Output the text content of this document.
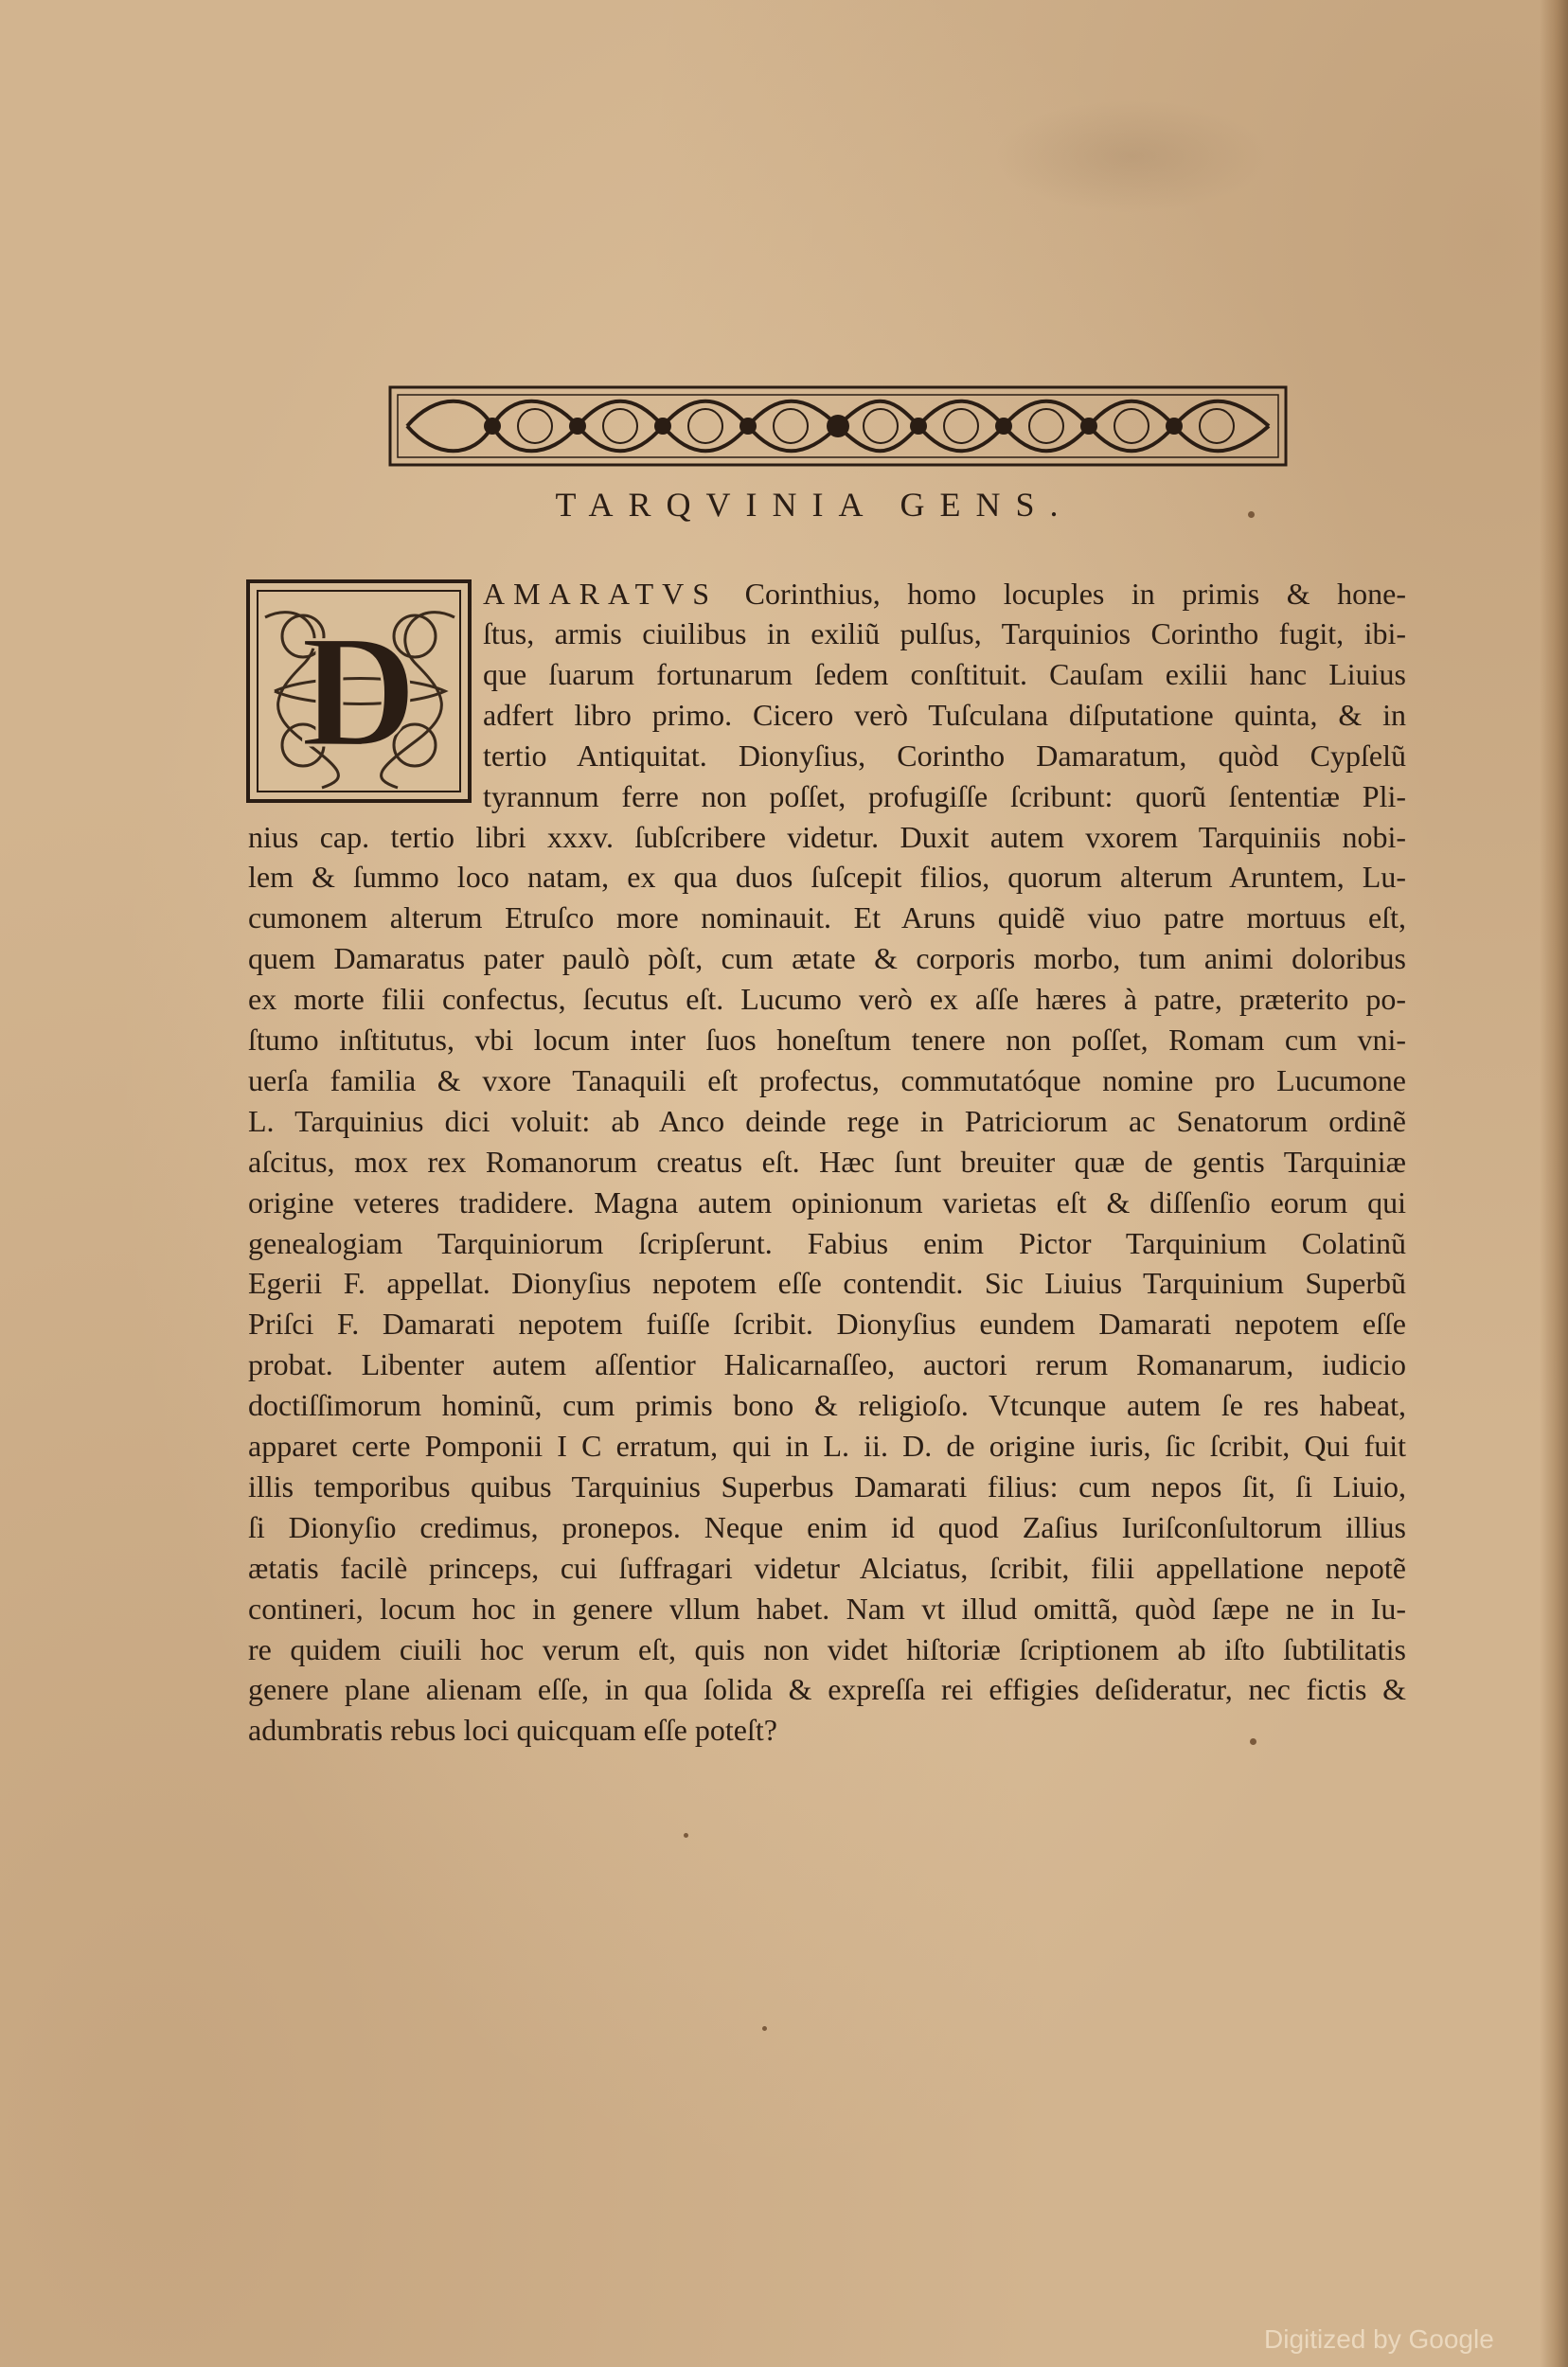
TARQVINIA GENS.
D
AMARATVS Corinthius, homo locuples in primis & hone-
ſtus, armis ciuilibus in exiliũ pulſus, Tarquinios Corintho fugit, ibi-
que ſuarum fortunarum ſedem conſtituit. Cauſam exilii hanc Liuius
adfert libro primo. Cicero verò Tuſculana diſputatione quinta, & in
tertio Antiquitat. Dionyſius, Corintho Damaratum, quòd Cypſelũ
tyrannum ferre non poſſet, profugiſſe ſcribunt: quorũ ſententiæ Pli-
nius cap. tertio libri xxxv. ſubſcribere videtur. Duxit autem vxorem Tarquiniis nobi-
lem & ſummo loco natam, ex qua duos ſuſcepit filios, quorum alterum Aruntem, Lu-
cumonem alterum Etruſco more nominauit. Et Aruns quidẽ viuo patre mortuus eſt,
quem Damaratus pater paulò pòſt, cum ætate & corporis morbo, tum animi doloribus
ex morte filii confectus, ſecutus eſt. Lucumo verò ex aſſe hæres à patre, præterito po-
ſtumo inſtitutus, vbi locum inter ſuos honeſtum tenere non poſſet, Romam cum vni-
uerſa familia & vxore Tanaquili eſt profectus, commutatóque nomine pro Lucumone
L. Tarquinius dici voluit: ab Anco deinde rege in Patriciorum ac Senatorum ordinẽ
aſcitus, mox rex Romanorum creatus eſt. Hæc ſunt breuiter quæ de gentis Tarquiniæ
origine veteres tradidere. Magna autem opinionum varietas eſt & diſſenſio eorum qui
genealogiam Tarquiniorum ſcripſerunt. Fabius enim Pictor Tarquinium Colatinũ
Egerii F. appellat. Dionyſius nepotem eſſe contendit. Sic Liuius Tarquinium Superbũ
Priſci F. Damarati nepotem fuiſſe ſcribit. Dionyſius eundem Damarati nepotem eſſe
probat. Libenter autem aſſentior Halicarnaſſeo, auctori rerum Romanarum, iudicio
doctiſſimorum hominũ, cum primis bono & religioſo. Vtcunque autem ſe res habeat,
apparet certe Pomponii I C erratum, qui in L. ii. D. de origine iuris, ſic ſcribit, Qui fuit
illis temporibus quibus Tarquinius Superbus Damarati filius: cum nepos ſit, ſi Liuio,
ſi Dionyſio credimus, pronepos. Neque enim id quod Zaſius Iuriſconſultorum illius
ætatis facilè princeps, cui ſuffragari videtur Alciatus, ſcribit, filii appellatione nepotẽ
contineri, locum hoc in genere vllum habet. Nam vt illud omittã, quòd ſæpe ne in Iu-
re quidem ciuili hoc verum eſt, quis non videt hiſtoriæ ſcriptionem ab iſto ſubtilitatis
genere plane alienam eſſe, in qua ſolida & expreſſa rei effigies deſideratur, nec fictis &
adumbratis rebus loci quicquam eſſe poteſt?
Digitized by Google
